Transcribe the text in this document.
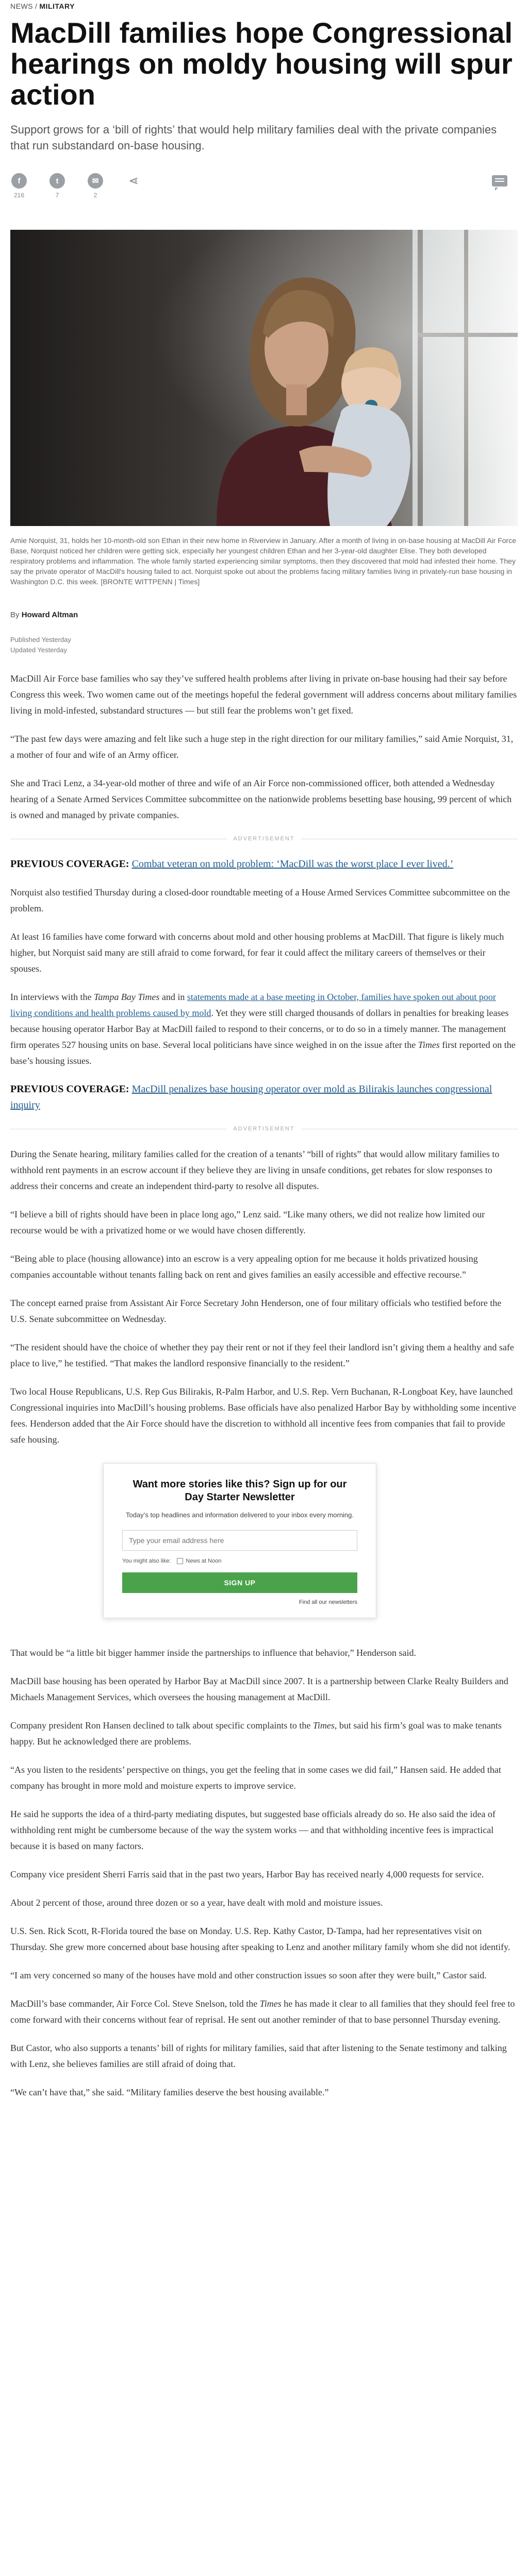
NEWS / MILITARY
MacDill families hope Congressional hearings on moldy housing will spur action

Support grows for a ‘bill of rights’ that would help military families deal with the private companies that run substandard on-base housing.

f
216
t
7
✉
2
⋖

Amie Norquist, 31, holds her 10-month-old son Ethan in their new home in Riverview in January. After a month of living in on-base housing at MacDill Air Force Base, Norquist noticed her children were getting sick, especially her youngest children Ethan and her 3-year-old daughter Elise. They both developed respiratory problems and inflammation. The whole family started experiencing similar symptoms, then they discovered that mold had infested their home. They say the private operator of MacDill's housing failed to act. Norquist spoke out about the problems facing military families living in privately-run base housing in Washington D.C. this week. [BRONTE WITTPENN | Times]

By Howard Altman
Published Yesterday
Updated Yesterday

MacDill Air Force base families who say they’ve suffered health problems after living in private on-base housing had their say before Congress this week. Two women came out of the meetings hopeful the federal government will address concerns about military families living in mold-infested, substandard structures — but still fear the problems won’t get fixed.

“The past few days were amazing and felt like such a huge step in the right direction for our military families,” said Amie Norquist, 31, a mother of four and wife of an Army officer.

She and Traci Lenz, a 34-year-old mother of three and wife of an Air Force non-commissioned officer, both attended a Wednesday hearing of a Senate Armed Services Committee subcommittee on the nationwide problems besetting base housing, 99 percent of which is owned and managed by private companies.

ADVERTISEMENT

PREVIOUS COVERAGE: Combat veteran on mold problem: ‘MacDill was the worst place I ever lived.’

Norquist also testified Thursday during a closed-door roundtable meeting of a House Armed Services Committee subcommittee on the problem.

At least 16 families have come forward with concerns about mold and other housing problems at MacDill. That figure is likely much higher, but Norquist said many are still afraid to come forward, for fear it could affect the military careers of themselves or their spouses.

In interviews with the Tampa Bay Times and in statements made at a base meeting in October, families have spoken out about poor living conditions and health problems caused by mold. Yet they were still charged thousands of dollars in penalties for breaking leases because housing operator Harbor Bay at MacDill failed to respond to their concerns, or to do so in a timely manner. The management firm operates 527 housing units on base. Several local politicians have since weighed in on the issue after the Times first reported on the base’s housing issues.

PREVIOUS COVERAGE: MacDill penalizes base housing operator over mold as Bilirakis launches congressional inquiry

ADVERTISEMENT

During the Senate hearing, military families called for the creation of a tenants’ “bill of rights” that would allow military families to withhold rent payments in an escrow account if they believe they are living in unsafe conditions, get rebates for slow responses to address their concerns and create an independent third-party to resolve all disputes.

“I believe a bill of rights should have been in place long ago,” Lenz said. “Like many others, we did not realize how limited our recourse would be with a privatized home or we would have chosen differently.

“Being able to place (housing allowance) into an escrow is a very appealing option for me because it holds privatized housing companies accountable without tenants falling back on rent and gives families an easily accessible and effective recourse.”

The concept earned praise from Assistant Air Force Secretary John Henderson, one of four military officials who testified before the U.S. Senate subcommittee on Wednesday.

“The resident should have the choice of whether they pay their rent or not if they feel their landlord isn’t giving them a healthy and safe place to live,” he testified. “That makes the landlord responsive financially to the resident.”

Two local House Republicans, U.S. Rep Gus Bilirakis, R-Palm Harbor, and U.S. Rep. Vern Buchanan, R-Longboat Key, have launched Congressional inquiries into MacDill’s housing problems. Base officials have also penalized Harbor Bay by withholding some incentive fees. Henderson added that the Air Force should have the discretion to withhold all incentive fees from companies that fail to provide safe housing.

Want more stories like this? Sign up for our Day Starter Newsletter

Today’s top headlines and information delivered to your inbox every morning.

Type your email address here
You might also like:	News at Noon
SIGN UP
Find all our newsletters

That would be “a little bit bigger hammer inside the partnerships to influence that behavior,” Henderson said.

MacDill base housing has been operated by Harbor Bay at MacDill since 2007. It is a partnership between Clarke Realty Builders and Michaels Management Services, which oversees the housing management at MacDill.

Company president Ron Hansen declined to talk about specific complaints to the Times, but said his firm’s goal was to make tenants happy. But he acknowledged there are problems.

“As you listen to the residents’ perspective on things, you get the feeling that in some cases we did fail,” Hansen said. He added that company has brought in more mold and moisture experts to improve service.

He said he supports the idea of a third-party mediating disputes, but suggested base officials already do so. He also said the idea of withholding rent might be cumbersome because of the way the system works — and that withholding incentive fees is impractical because it is based on many factors.

Company vice president Sherri Farris said that in the past two years, Harbor Bay has received nearly 4,000 requests for service.

About 2 percent of those, around three dozen or so a year, have dealt with mold and moisture issues.

U.S. Sen. Rick Scott, R-Florida toured the base on Monday. U.S. Rep. Kathy Castor, D-Tampa, had her representatives visit on Thursday. She grew more concerned about base housing after speaking to Lenz and another military family whom she did not identify.

“I am very concerned so many of the houses have mold and other construction issues so soon after they were built,” Castor said.

MacDill’s base commander, Air Force Col. Steve Snelson, told the Times he has made it clear to all families that they should feel free to come forward with their concerns without fear of reprisal. He sent out another reminder of that to base personnel Thursday evening.

But Castor, who also supports a tenants’ bill of rights for military families, said that after listening to the Senate testimony and talking with Lenz, she believes families are still afraid of doing that.

“We can’t have that,” she said. “Military families deserve the best housing available.”
